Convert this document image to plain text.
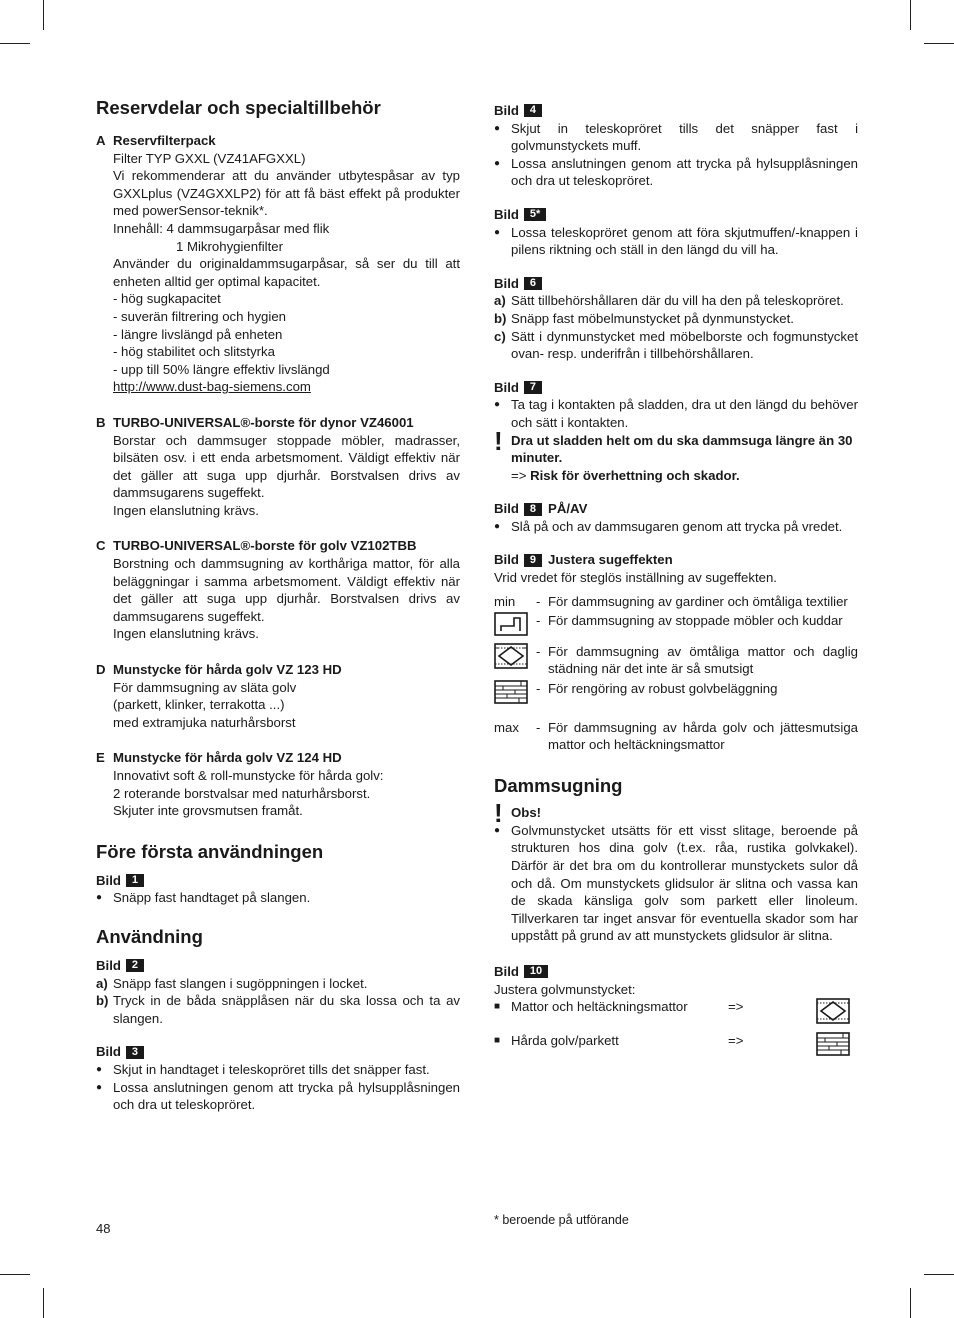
Reservdelar och specialtillbehör
A Reservfilterpack
Filter TYP GXXL (VZ41AFGXXL)
Vi rekommenderar att du använder utbytespåsar av typ GXXLplus (VZ4GXXLP2) för att få bäst effekt på produkter med powerSensor-teknik*.
Innehåll: 4 dammsugarpåsar med flik
1 Mikrohygienfilter
Använder du originaldammsugarpåsar, så ser du till att enheten alltid ger optimal kapacitet.
- hög sugkapacitet
- suverän filtrering och hygien
- längre livslängd på enheten
- hög stabilitet och slitstyrka
- upp till 50% längre effektiv livslängd
http://www.dust-bag-siemens.com
B TURBO-UNIVERSAL®-borste för dynor VZ46001
Borstar och dammsuger stoppade möbler, madrasser, bilsäten osv. i ett enda arbetsmoment. Väldigt effektiv när det gäller att suga upp djurhår. Borstvalsen drivs av dammsugarens sugeffekt.
Ingen elanslutning krävs.
C TURBO-UNIVERSAL®-borste för golv VZ102TBB
Borstning och dammsugning av korthåriga mattor, för alla beläggningar i samma arbetsmoment. Väldigt effektiv när det gäller att suga upp djurhår. Borstvalsen drivs av dammsugarens sugeffekt.
Ingen elanslutning krävs.
D Munstycke för hårda golv VZ 123 HD
För dammsugning av släta golv
(parkett, klinker, terrakotta ...)
med extramjuka naturhårsborst
E Munstycke för hårda golv VZ 124 HD
Innovativt soft & roll-munstycke för hårda golv:
2 roterande borstvalsar med naturhårsborst.
Skjuter inte grovsmutsen framåt.
Före första användningen
Bild	1
● Snäpp fast handtaget på slangen.
Användning
Bild	2
a) Snäpp fast slangen i sugöppningen i locket.
b) Tryck in de båda snäpplåsen när du ska lossa och ta av slangen.
Bild	3
● Skjut in handtaget i teleskopröret tills det snäpper fast.
● Lossa anslutningen genom att trycka på hylsupplåsningen och dra ut teleskopröret.
Bild	4
● Skjut in teleskopröret tills det snäpper fast i golvmunstyckets muff.
● Lossa anslutningen genom att trycka på hylsupplåsningen och dra ut teleskopröret.
Bild	5*
● Lossa teleskopröret genom att föra skjutmuffen/-knappen i pilens riktning och ställ in den längd du vill ha.
Bild	6
a) Sätt tillbehörshållaren där du vill ha den på teleskopröret.
b) Snäpp fast möbelmunstycket på dynmunstycket.
c) Sätt i dynmunstycket med möbelborste och fogmunstycket ovan- resp. underifrån i tillbehörshållaren.
Bild	7
● Ta tag i kontakten på sladden, dra ut den längd du behöver och sätt i kontakten.
! Dra ut sladden helt om du ska dammsuga längre än 30 minuter.
=> Risk för överhettning och skador.
Bild	8 PÅ/AV
● Slå på och av dammsugaren genom att trycka på vredet.
Bild	9 Justera sugeffekten
Vrid vredet för steglös inställning av sugeffekten.
min	- För dammsugning av gardiner och ömtåliga textilier
- För dammsugning av stoppade möbler och kuddar
- För dammsugning av ömtåliga mattor och daglig städning när det inte är så smutsigt
- För rengöring av robust golvbeläggning
max	- För dammsugning av hårda golv och jättesmutsiga mattor och heltäckningsmattor
Dammsugning
! Obs!
● Golvmunstycket utsätts för ett visst slitage, beroende på strukturen hos dina golv (t.ex. råa, rustika golvkakel). Därför är det bra om du kontrollerar munstyckets sulor då och då. Om munstyckets glidsulor är slitna och vassa kan de skada känsliga golv som parkett eller linoleum. Tillverkaren tar inget ansvar för eventuella skador som har uppstått på grund av att munstyckets glidsulor är slitna.
Bild	10
Justera golvmunstycket:
■ Mattor och heltäckningsmattor	=>
■ Hårda golv/parkett	=>
48
* beroende på utförande
